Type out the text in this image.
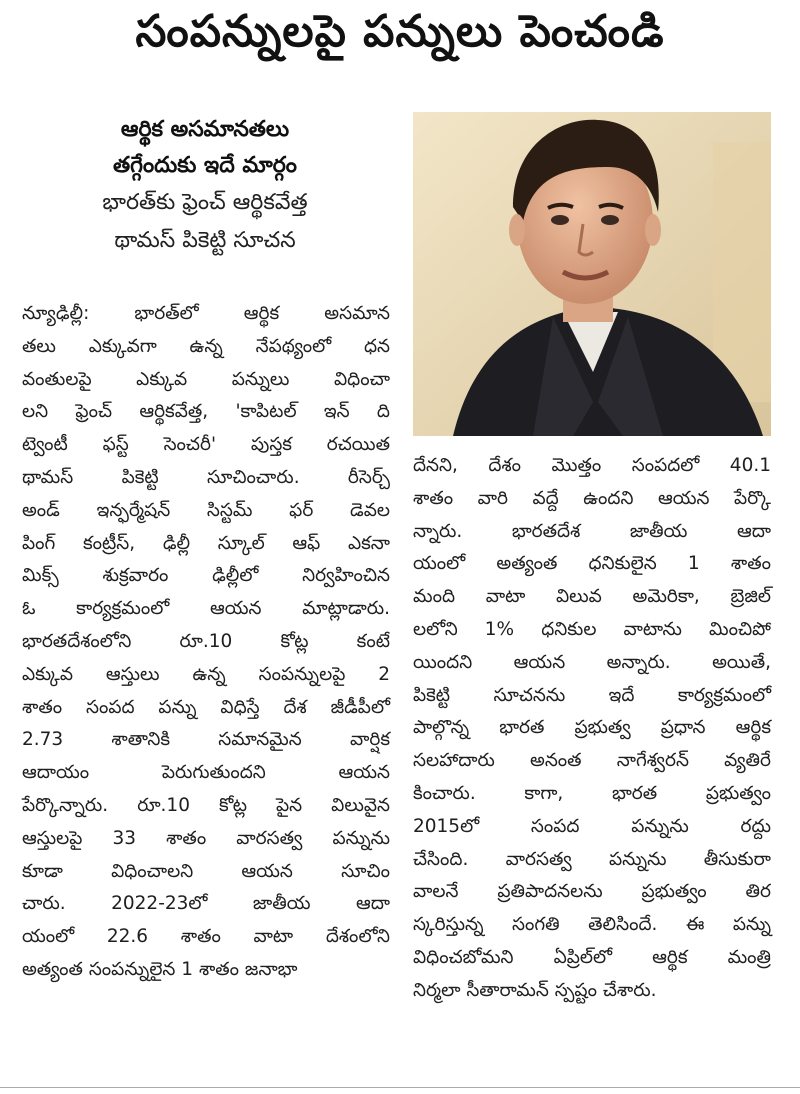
సంపన్నులపై పన్నులు పెంచండి
ఆర్థిక అసమానతలు
తగ్గేందుకు ఇదే మార్గం
భారత్‌కు ఫ్రెంచ్ ఆర్థికవేత్త
థామస్ పికెట్టి సూచన
న్యూఢిల్లీ: భారత్‌లో ఆర్థిక అసమాన
తలు ఎక్కువగా ఉన్న నేపథ్యంలో ధన
వంతులపై ఎక్కువ పన్నులు విధించా
లని ఫ్రెంచ్ ఆర్థికవేత్త, 'కాపిటల్ ఇన్ ది
ట్వెంటీ ఫస్ట్ సెంచరీ' పుస్తక రచయిత
థామస్ పికెట్టి సూచించారు. రీసెర్చ్
అండ్ ఇన్ఫర్మేషన్ సిస్టమ్ ఫర్ డెవల
పింగ్ కంట్రీస్, ఢిల్లీ స్కూల్ ఆఫ్ ఎకనా
మిక్స్ శుక్రవారం ఢిల్లీలో నిర్వహించిన
ఓ కార్యక్రమంలో ఆయన మాట్లాడారు.
భారతదేశంలోని రూ.10 కోట్ల కంటే
ఎక్కువ ఆస్తులు ఉన్న సంపన్నులపై 2
శాతం సంపద పన్ను విధిస్తే దేశ జీడీపీలో
2.73 శాతానికి సమానమైన వార్షిక
ఆదాయం పెరుగుతుందని ఆయన
పేర్కొన్నారు. రూ.10 కోట్ల పైన విలువైన
ఆస్తులపై 33 శాతం వారసత్వ పన్నును
కూడా విధించాలని ఆయన సూచిం
చారు. 2022-23లో జాతీయ ఆదా
యంలో 22.6 శాతం వాటా దేశంలోని
అత్యంత సంపన్నులైన 1 శాతం జనాభా
దేనని, దేశం మొత్తం సంపదలో 40.1
శాతం వారి వద్దే ఉందని ఆయన పేర్కొ
న్నారు. భారతదేశ జాతీయ ఆదా
యంలో అత్యంత ధనికులైన 1 శాతం
మంది వాటా విలువ అమెరికా, బ్రెజిల్
లలోని 1% ధనికుల వాటాను మించిపో
యిందని ఆయన అన్నారు. అయితే,
పికెట్టి సూచనను ఇదే కార్యక్రమంలో
పాల్గొన్న భారత ప్రభుత్వ ప్రధాన ఆర్థిక
సలహాదారు అనంత నాగేశ్వరన్ వ్యతిరే
కించారు. కాగా, భారత ప్రభుత్వం
2015లో సంపద పన్నును రద్దు
చేసింది. వారసత్వ పన్నును తీసుకురా
వాలనే ప్రతిపాదనలను ప్రభుత్వం తిర
స్కరిస్తున్న సంగతి తెలిసిందే. ఈ పన్ను
విధించబోమని ఏప్రిల్‌లో ఆర్థిక మంత్రి
నిర్మలా సీతారామన్ స్పష్టం చేశారు.
